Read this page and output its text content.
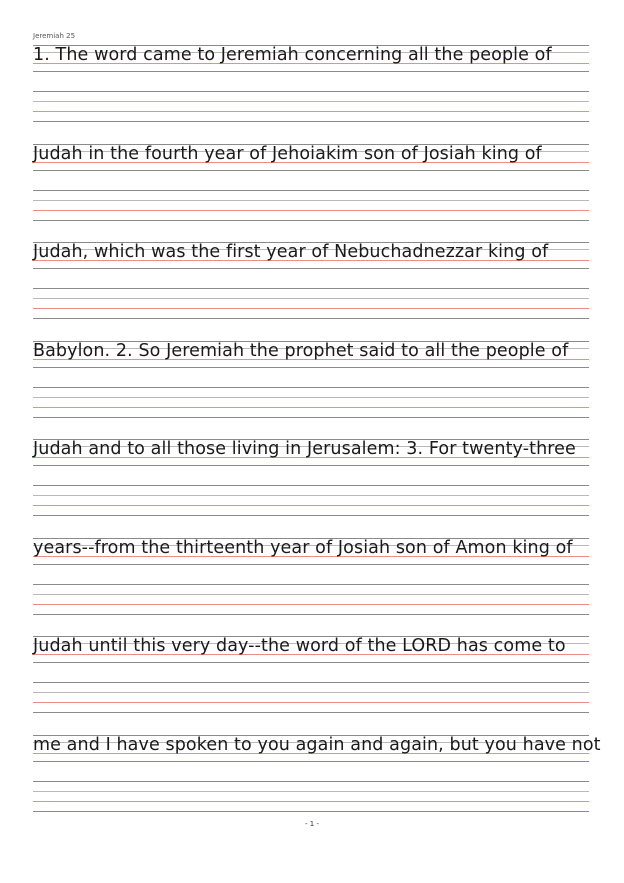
Jeremiah 25
1. The word came to Jeremiah concerning all the people of
Judah in the fourth year of Jehoiakim son of Josiah king of
Judah, which was the first year of Nebuchadnezzar king of
Babylon. 2. So Jeremiah the prophet said to all the people of
Judah and to all those living in Jerusalem: 3. For twenty-three
years--from the thirteenth year of Josiah son of Amon king of
Judah until this very day--the word of the LORD has come to
me and I have spoken to you again and again, but you have not
- 1 -
